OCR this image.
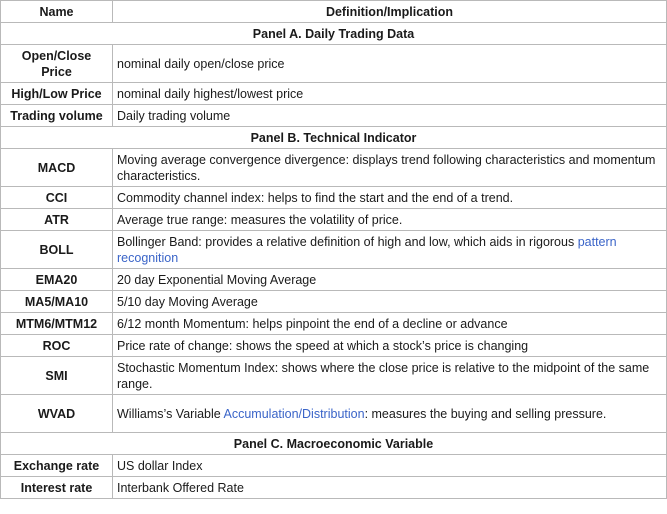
Name	Definition/Implication
Panel A. Daily Trading Data	
Open/Close Price	nominal daily open/close price
High/Low Price	nominal daily highest/lowest price
Trading volume	Daily trading volume
Panel B. Technical Indicator	
MACD	Moving average convergence divergence: displays trend following characteristics and momentum characteristics.
CCI	Commodity channel index: helps to find the start and the end of a trend.
ATR	Average true range: measures the volatility of price.
BOLL	Bollinger Band: provides a relative definition of high and low, which aids in rigorous pattern recognition
EMA20	20 day Exponential Moving Average
MA5/MA10	5/10 day Moving Average
MTM6/MTM12	6/12 month Momentum: helps pinpoint the end of a decline or advance
ROC	Price rate of change: shows the speed at which a stock’s price is changing
SMI	Stochastic Momentum Index: shows where the close price is relative to the midpoint of the same range.
WVAD	Williams’s Variable Accumulation/Distribution: measures the buying and selling pressure.
Panel C. Macroeconomic Variable	
Exchange rate	US dollar Index
Interest rate	Interbank Offered Rate
